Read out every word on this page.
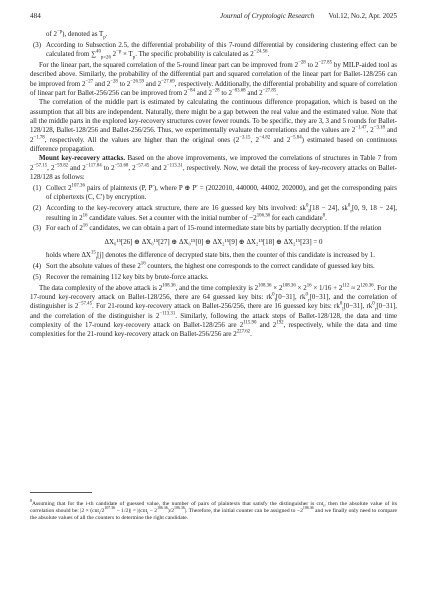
484	Journal of Cryptologic Research Vol.12, No.2, Apr. 2025

of $2^{-p}$), denoted as $T_p$.

(3) According to Subsection 2.5, the differential probability of this 7-round differential by considering clustering effect can be calculated from ∑$^{40}_{p=26}$ $2^{-p} \times T_p$. The specific probability is calculated as $2^{-24.56}$.

For the linear part, the squared correlation of the 5-round linear part can be improved from $2^{-28}$ to $2^{-27.85}$ by MILP-aided tool as described above. Similarly, the probability of the differential part and squared correlation of the linear part for Ballet-128/256 can be improved from $2^{-27}$ and $2^{-28}$ to $2^{-26.59}$ and $2^{-27.69}$, respectively. Additionally, the differential probability and square of correlation of linear part for Ballet-256/256 can be improved from $2^{-84}$ and $2^{-28}$ to $2^{-83.68}$ and $2^{-27.85}$.

The correlation of the middle part is estimated by calculating the continuous difference propagation, which is based on the assumption that all bits are independent. Naturally, there might be a gap between the real value and the estimated value. Note that all the middle parts in the explored key-recovery structures cover fewer rounds. To be specific, they are 3, 3 and 5 rounds for Ballet-128/128, Ballet-128/256 and Ballet-256/256. Thus, we experimentally evaluate the correlations and the values are $2^{-1.47}$, $2^{-3.18}$ and $2^{-1.78}$, respectively. All the values are higher than the original ones ($2^{-3.15}$, $2^{-4.82}$ and $2^{-5.84}$) estimated based on continuous difference propagation.

Mount key-recovery attacks. Based on the above improvements, we improved the correlations of structures in Table 7 from $2^{-57.15}$, $2^{-59.82}$ and $2^{-117.84}$ to $2^{-53.68}$, $2^{-57.45}$ and $2^{-113.31}$, respectively. Now, we detail the process of key-recovery attacks on Ballet-128/128 as follows:

(1) Collect $2^{107.36}$ pairs of plaintexts (P, P′), where P ⊕ P′ = (2022010, 440000, 44002, 202000), and get the corresponding pairs of ciphertexts (C, C′) by encryption.
(2) According to the key-recovery attack structure, there are 16 guessed key bits involved: $sk^0_l[18 - 24]$, $sk^0_r[0$, 9, 18 − 24], resulting in $2^{16}$ candidate values. Set a counter with the initial number of $-2^{106.36}$ for each candidate$^8$.
(3) For each of $2^{16}$ candidates, we can obtain a part of 15-round intermediate state bits by partially decryption. If the relation
ΔX₀¹⁵[26] ⊕ ΔX₀¹⁵[27] ⊕ ΔX₀¹⁵[0] ⊕ ΔX₂¹⁵[9] ⊕ ΔX₂¹⁵[18] ⊕ ΔX₂¹⁵[23] = 0

holds where $\Delta X^{15}_i[j]$ denotes the difference of decrypted state bits, then the counter of this candidate is increased by 1.

(4) Sort the absolute values of these $2^{16}$ counters, the highest one corresponds to the correct candidate of guessed key bits.
(5) Recover the remaining 112 key bits by brute-force attacks.

The data complexity of the above attack is $2^{108.36}$, and the time complexity is $2^{108.36} \times 2^{108.36} \times 2^{16} \times 1/16 + 2^{112} \approx 2^{120.36}$. For the 17-round key-recovery attack on Ballet-128/256, there are 64 guessed key bits: $rk^0_l[0-31]$, $rk^0_r[0-31]$, and the correlation of distinguisher is $2^{-57.45}$. For 21-round key-recovery attack on Ballet-256/256, there are 16 guessed key bits: $rk^0_l[0-31]$, $rk^0_r[0-31]$, and the correlation of the distinguisher is $2^{-113.31}$. Similarly, following the attack steps of Ballet-128/128, the data and time complexity of the 17-round key-recovery attack on Ballet-128/256 are $2^{115.90}$ and $2^{192}$, respectively, while the data and time complexities for the 21-round key-recovery attack on Ballet-256/256 are $2^{227.62}$.

$^8$Assuming that for the i-th candidate of guessed value, the number of pairs of plaintexts that satisfy the distinguisher is cnt$_i$, then the absolute value of its correlation should be: $|2 \times (cnt_i/2^{107.36} - 1/2)| = |(cnt_i - 2^{106.36})/2^{106.36}|$. Therefore, the initial counter can be assigned to $-2^{106.36}$ and we finally only need to compare the absolute values of all the counters to determine the right candidate.
